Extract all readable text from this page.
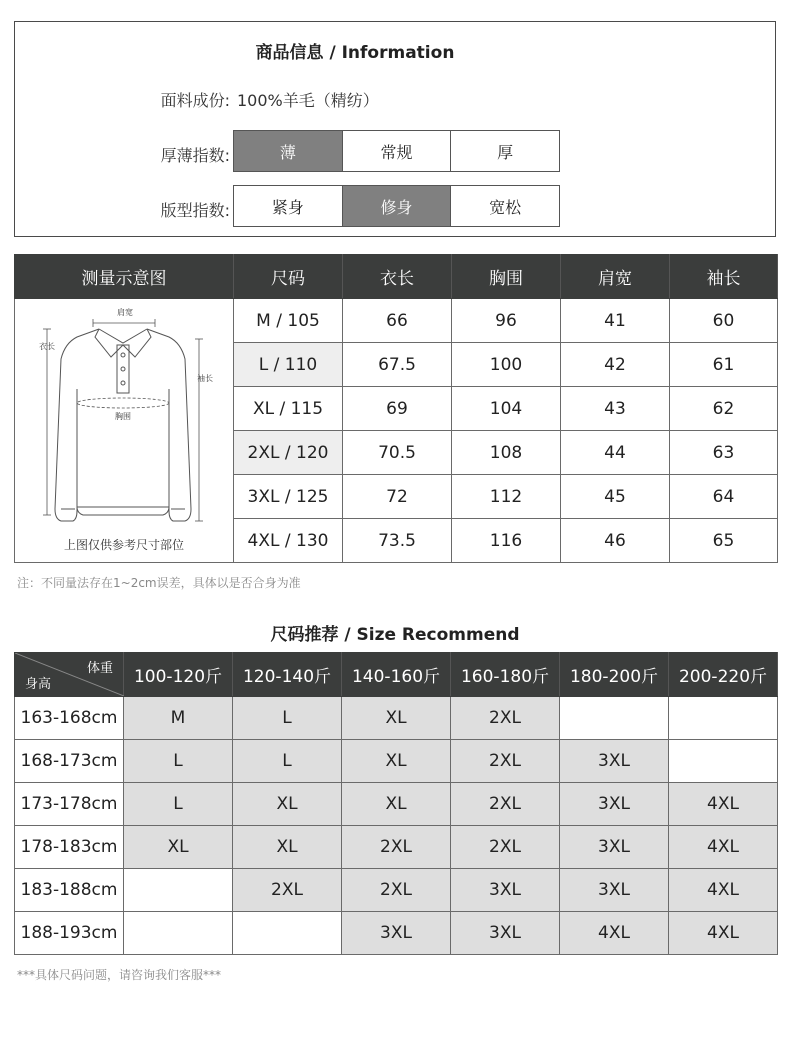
商品信息 / Information
面料成份: 100%羊毛（精纺）
厚薄指数:	薄	常规	厚
版型指数:	紧身	修身	宽松
测量示意图	尺码	衣长	胸围	肩宽	袖长

肩宽
衣长
袖长
胸围
上图仅供参考尺寸部位	M / 105	66	96	41	60
	L / 110	67.5	100	42	61
	XL / 115	69	104	43	62
	2XL / 120	70.5	108	44	63
	3XL / 125	72	112	45	64
	4XL / 130	73.5	116	46	65
注：不同量法存在1~2cm误差，具体以是否合身为准
尺码推荐 / Size Recommend
体重
身高	100-120斤	120-140斤	140-160斤	160-180斤	180-200斤	200-220斤
163-168cm	M	L	XL	2XL		
168-173cm	L	L	XL	2XL	3XL	
173-178cm	L	XL	XL	2XL	3XL	4XL
178-183cm	XL	XL	2XL	2XL	3XL	4XL
183-188cm		2XL	2XL	3XL	3XL	4XL
188-193cm			3XL	3XL	4XL	4XL
***具体尺码问题，请咨询我们客服***
